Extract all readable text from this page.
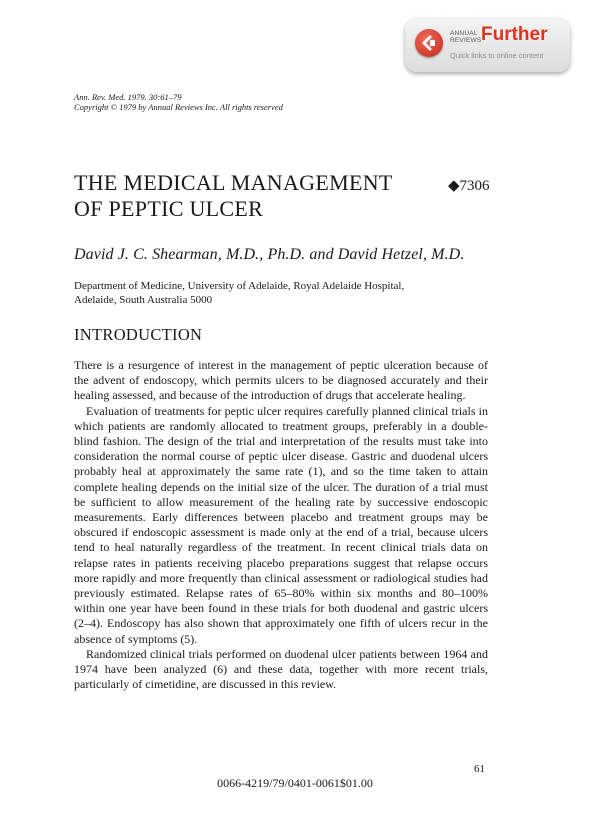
ANNUAL
REVIEWS Further
Quick links to online content
Ann. Rev. Med. 1979. 30:61–79
Copyright © 1979 by Annual Reviews Inc. All rights reserved
THE MEDICAL MANAGEMENT
OF PEPTIC ULCER
◆7306
David J. C. Shearman, M.D., Ph.D. and David Hetzel, M.D.
Department of Medicine, University of Adelaide, Royal Adelaide Hospital,
Adelaide, South Australia 5000
INTRODUCTION

There is a resurgence of interest in the management of peptic ulceration because of the advent of endoscopy, which permits ulcers to be diagnosed accurately and their healing assessed, and because of the introduction of drugs that accelerate healing.

Evaluation of treatments for peptic ulcer requires carefully planned clinical trials in which patients are randomly allocated to treatment groups, preferably in a double-blind fashion. The design of the trial and interpretation of the results must take into consideration the normal course of peptic ulcer disease. Gastric and duodenal ulcers probably heal at approximately the same rate (1), and so the time taken to attain complete healing depends on the initial size of the ulcer. The duration of a trial must be sufficient to allow measurement of the healing rate by successive endoscopic measurements. Early differences between placebo and treatment groups may be obscured if endoscopic assessment is made only at the end of a trial, because ulcers tend to heal naturally regardless of the treatment. In recent clinical trials data on relapse rates in patients receiving placebo preparations suggest that relapse occurs more rapidly and more frequently than clinical assessment or radiological studies had previously estimated. Relapse rates of 65–80% within six months and 80–100% within one year have been found in these trials for both duodenal and gastric ulcers (2–4). Endoscopy has also shown that approximately one fifth of ulcers recur in the absence of symptoms (5).

Randomized clinical trials performed on duodenal ulcer patients between 1964 and 1974 have been analyzed (6) and these data, together with more recent trials, particularly of cimetidine, are discussed in this review.

61
0066-4219/79/0401-0061$01.00
